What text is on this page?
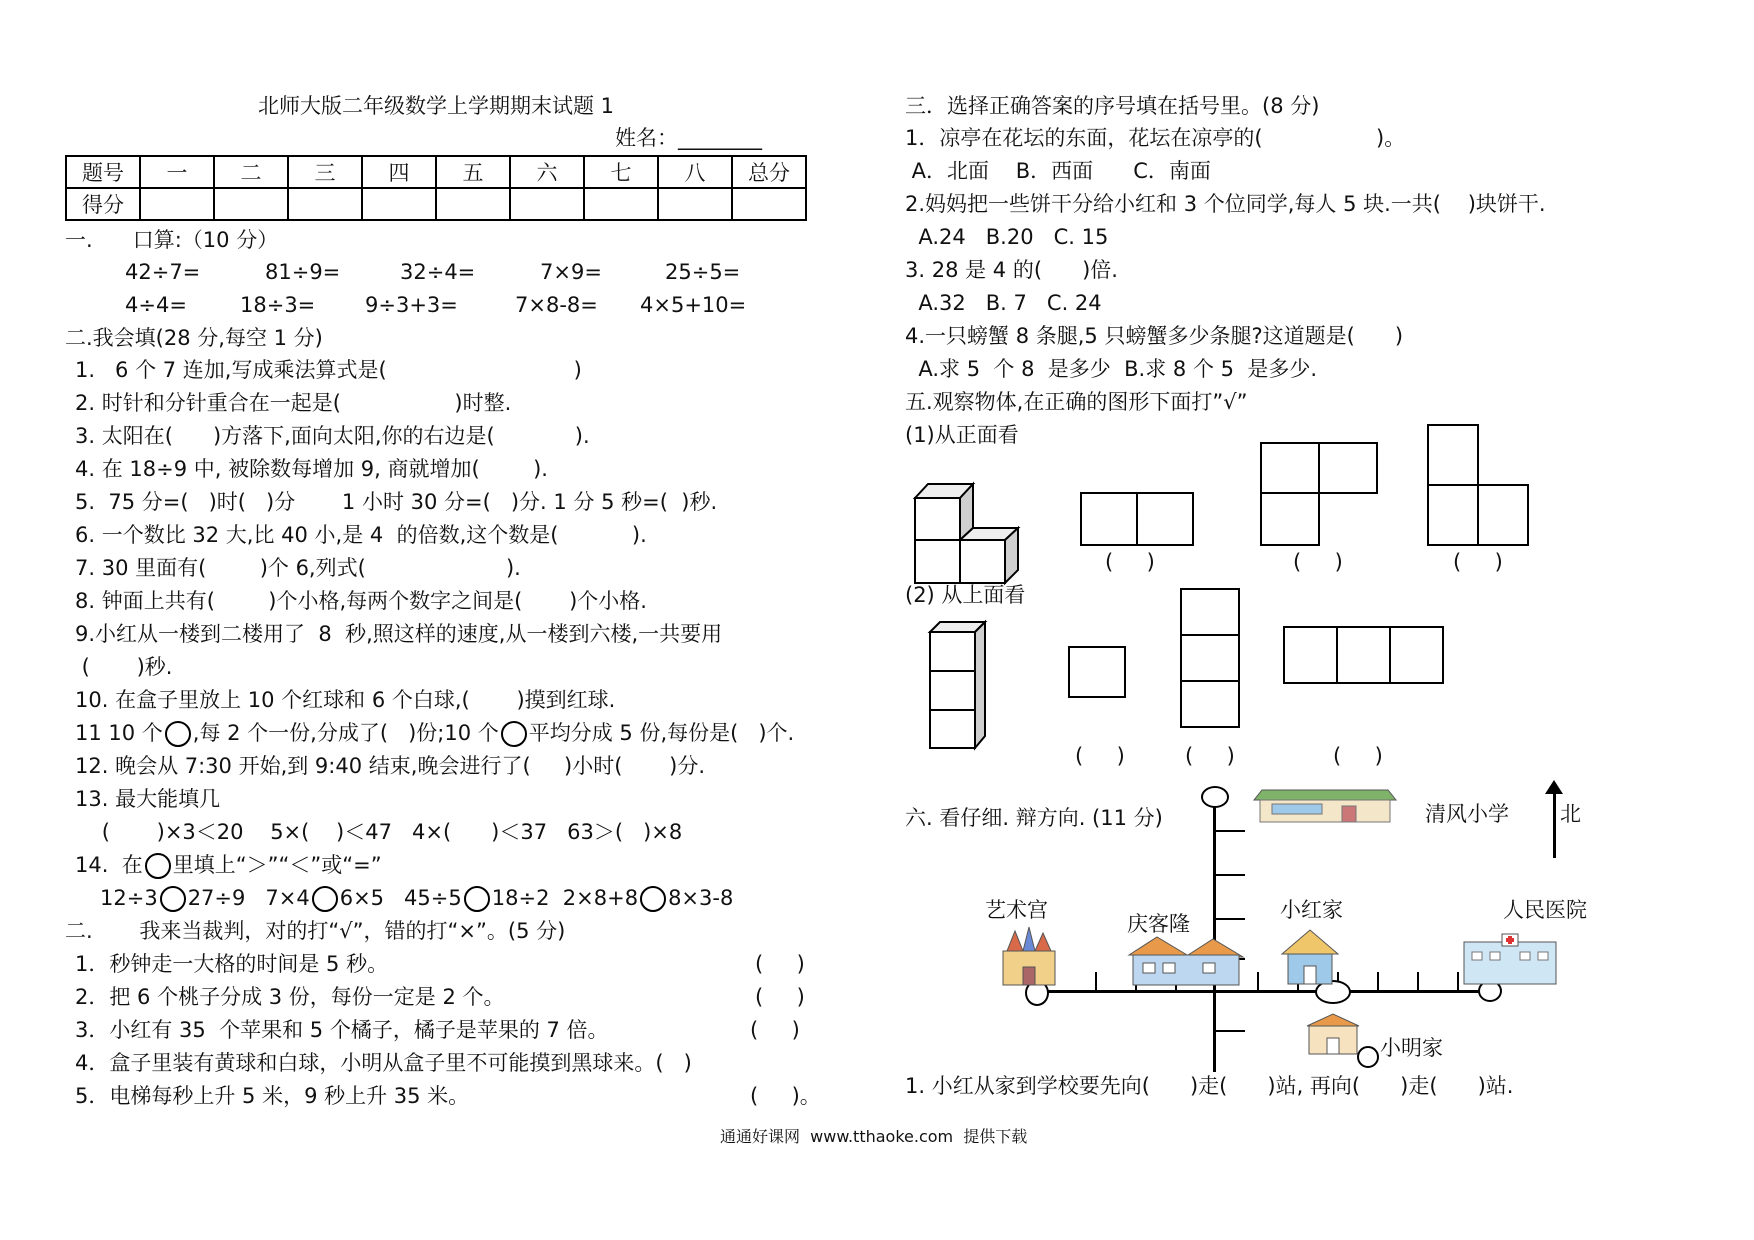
北师大版二年级数学上学期期末试题 1
姓名：________
题号	一	二	三	四	五	六	七	八	总分
得分									
一.      口算:（10 分）
42÷7=	81÷9=	32÷4=	7×9=	25÷5=
4÷4=	18÷3= 9÷3+3=	7×8-8= 4×5+10=
二.我会填(28 分,每空 1 分)
1.   6 个 7 连加,写成乘法算式是(                            )
2. 时针和分针重合在一起是(                 )时整.
3. 太阳在(      )方落下,面向太阳,你的右边是(            ).
4. 在 18÷9 中, 被除数每增加 9, 商就增加(        ).
5.  75 分=(   )时(   )分       1 小时 30 分=(   )分. 1 分 5 秒=(  )秒.
6. 一个数比 32 大,比 40 小,是 4  的倍数,这个数是(           ).
7. 30 里面有(        )个 6,列式(                     ).
8. 钟面上共有(        )个小格,每两个数字之间是(       )个小格.
9.小红从一楼到二楼用了  8  秒,照这样的速度,从一楼到六楼,一共要用
(       )秒.
10. 在盒子里放上 10 个红球和 6 个白球,(       )摸到红球.
11 10 个 ,每 2 个一份,分成了(   )份;10 个 平均分成 5 份,每份是(   )个.
12. 晚会从 7:30 开始,到 9:40 结束,晚会进行了(     )小时(       )分.
13. 最大能填几
(       )×3＜20    5×(    )＜47   4×(      )＜37   63＞(   )×8
14.  在 里填上“＞”“＜”或“=”
12÷3 27÷9   7×4 6×5   45÷5 18÷2  2×8+8 8×3-8
二.       我来当裁判，对的打“√”，错的打“×”。(5 分)
1．秒钟走一大格的时间是 5 秒。
2．把 6 个桃子分成 3 份，每份一定是 2 个。
3．小红有 35  个苹果和 5 个橘子，橘子是苹果的 7 倍。
4．盒子里装有黄球和白球，小明从盒子里不可能摸到黑球来。(   )
5．电梯每秒上升 5 米，9 秒上升 35 米。
(     )
(     )
(     )
(     )。
三．选择正确答案的序号填在括号里。(8 分)
1．凉亭在花坛的东面，花坛在凉亭的(                 )。
A．北面    B．西面      C．南面
2.妈妈把一些饼干分给小红和 3 个位同学,每人 5 块.一共(    )块饼干.
A.24   B.20   C. 15
3. 28 是 4 的(      )倍.
A.32   B. 7   C. 24
4.一只螃蟹 8 条腿,5 只螃蟹多少条腿?这道题是(      )
A.求 5  个 8  是多少  B.求 8 个 5  是多少.
五.观察物体,在正确的图形下面打”√”
(1)从正面看
(     )	(     )	(     )
(2) 从上面看
(     )	(     )	(     )
六. 看仔细. 辩方向. (11 分)	清风小学 北
艺术宫
庆客隆
小红家	人民医院
小明家
1. 小红从家到学校要先向(      )走(      )站, 再向(      )走(      )站.
通通好课网  www.tthaoke.com  提供下载
